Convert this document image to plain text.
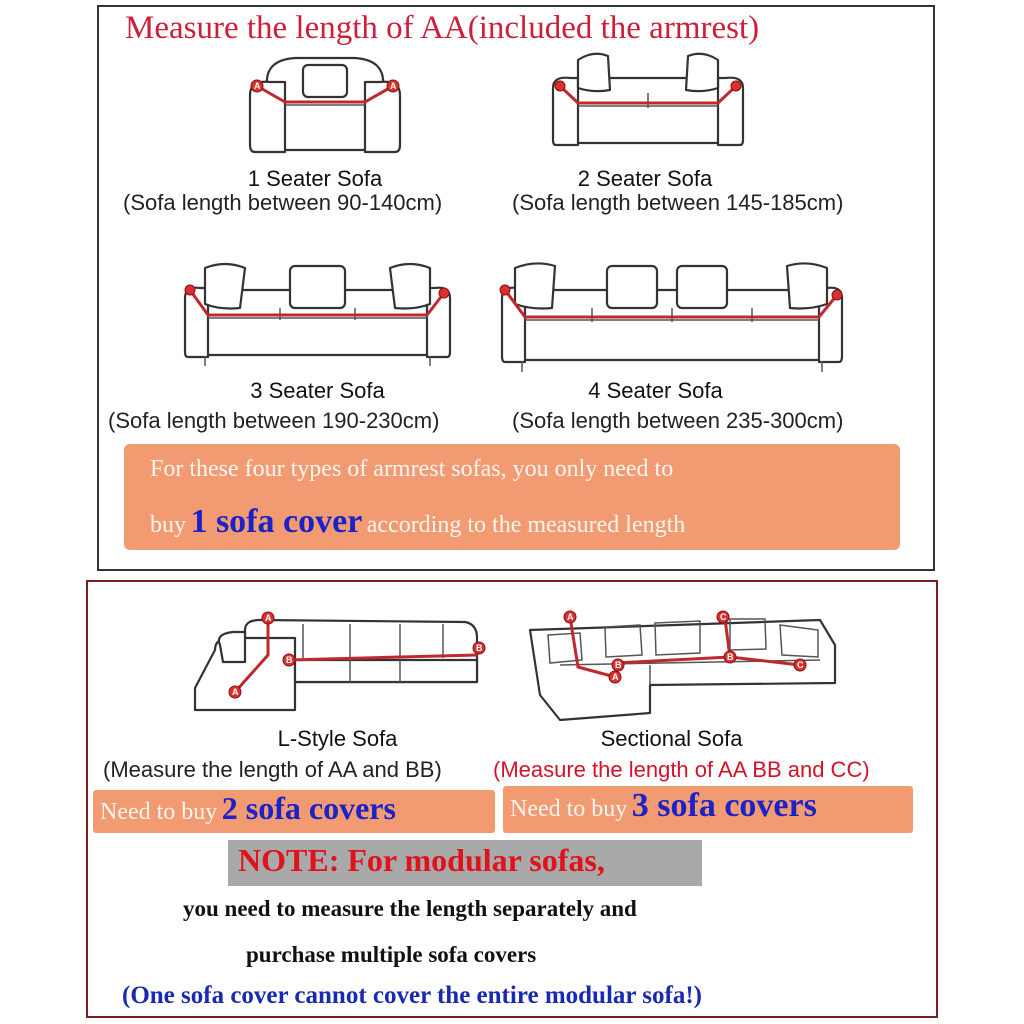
Measure the length of AA(included the armrest)
A	A
1 Seater Sofa
(Sofa length between 90-140cm)
2 Seater Sofa
(Sofa length between 145-185cm)
3 Seater Sofa
(Sofa length between 190-230cm)
4 Seater Sofa
(Sofa length between 235-300cm)
For these four types of armrest sofas, you only need to
buy 1 sofa cover according to the measured length
A
A
B
B
A
A
B
B
C
C
L-Style Sofa
(Measure the length of AA and BB)
Sectional Sofa
(Measure the length of AA BB and CC)
Need to buy 2 sofa covers	Need to buy 3 sofa covers
NOTE: For modular sofas,
you need to measure the length separately and
purchase multiple sofa covers
(One sofa cover cannot cover the entire modular sofa!)
